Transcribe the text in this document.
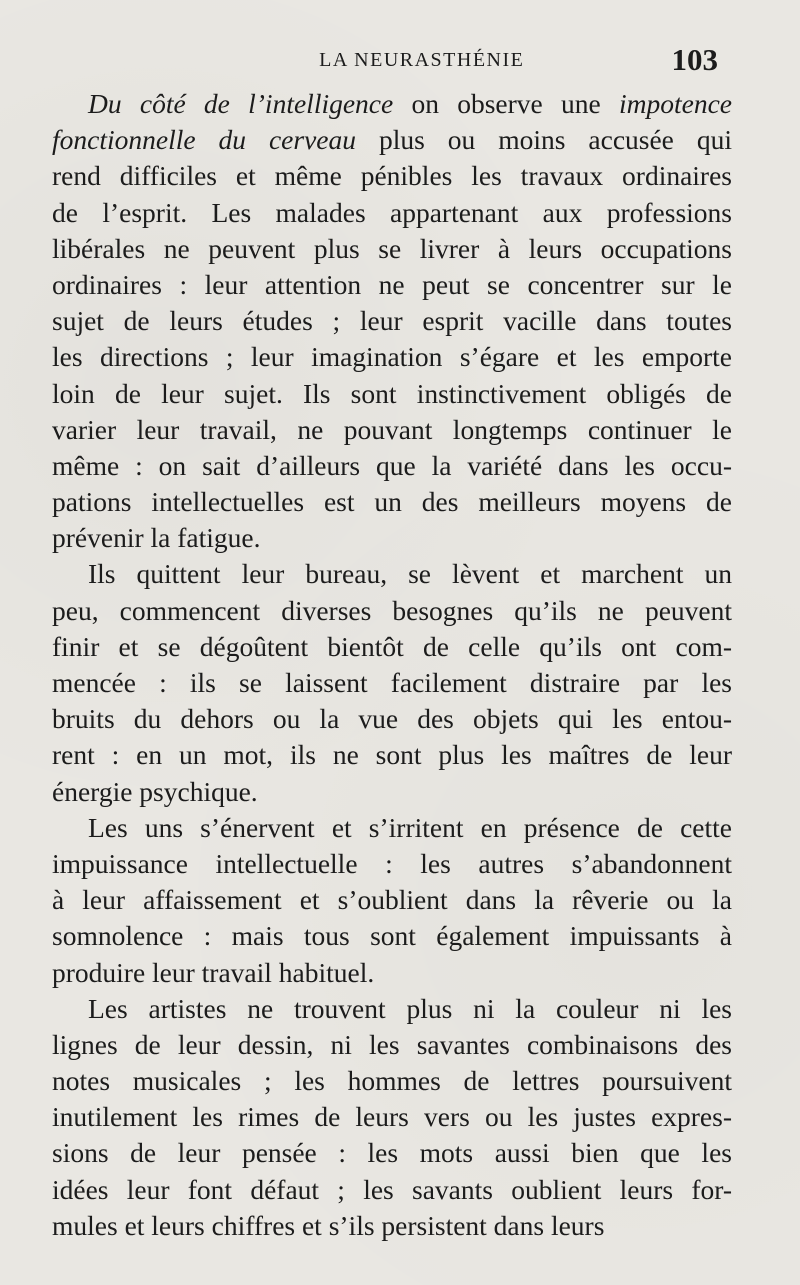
LA NEURASTHÉNIE	103
Du côté de l’intelligence on observe une impotence
fonctionnelle du cerveau plus ou moins accusée qui
rend difficiles et même pénibles les travaux ordinaires
de l’esprit. Les malades appartenant aux professions
libérales ne peuvent plus se livrer à leurs occupations
ordinaires : leur attention ne peut se concentrer sur le
sujet de leurs études ; leur esprit vacille dans toutes
les directions ; leur imagination s’égare et les emporte
loin de leur sujet. Ils sont instinctivement obligés de
varier leur travail, ne pouvant longtemps continuer le
même : on sait d’ailleurs que la variété dans les occu-
pations intellectuelles est un des meilleurs moyens de
prévenir la fatigue.
Ils quittent leur bureau, se lèvent et marchent un
peu, commencent diverses besognes qu’ils ne peuvent
finir et se dégoûtent bientôt de celle qu’ils ont com-
mencée : ils se laissent facilement distraire par les
bruits du dehors ou la vue des objets qui les entou-
rent : en un mot, ils ne sont plus les maîtres de leur
énergie psychique.
Les uns s’énervent et s’irritent en présence de cette
impuissance intellectuelle : les autres s’abandonnent
à leur affaissement et s’oublient dans la rêverie ou la
somnolence : mais tous sont également impuissants à
produire leur travail habituel.
Les artistes ne trouvent plus ni la couleur ni les
lignes de leur dessin, ni les savantes combinaisons des
notes musicales ; les hommes de lettres poursuivent
inutilement les rimes de leurs vers ou les justes expres-
sions de leur pensée : les mots aussi bien que les
idées leur font défaut ; les savants oublient leurs for-
mules et leurs chiffres et s’ils persistent dans leurs
